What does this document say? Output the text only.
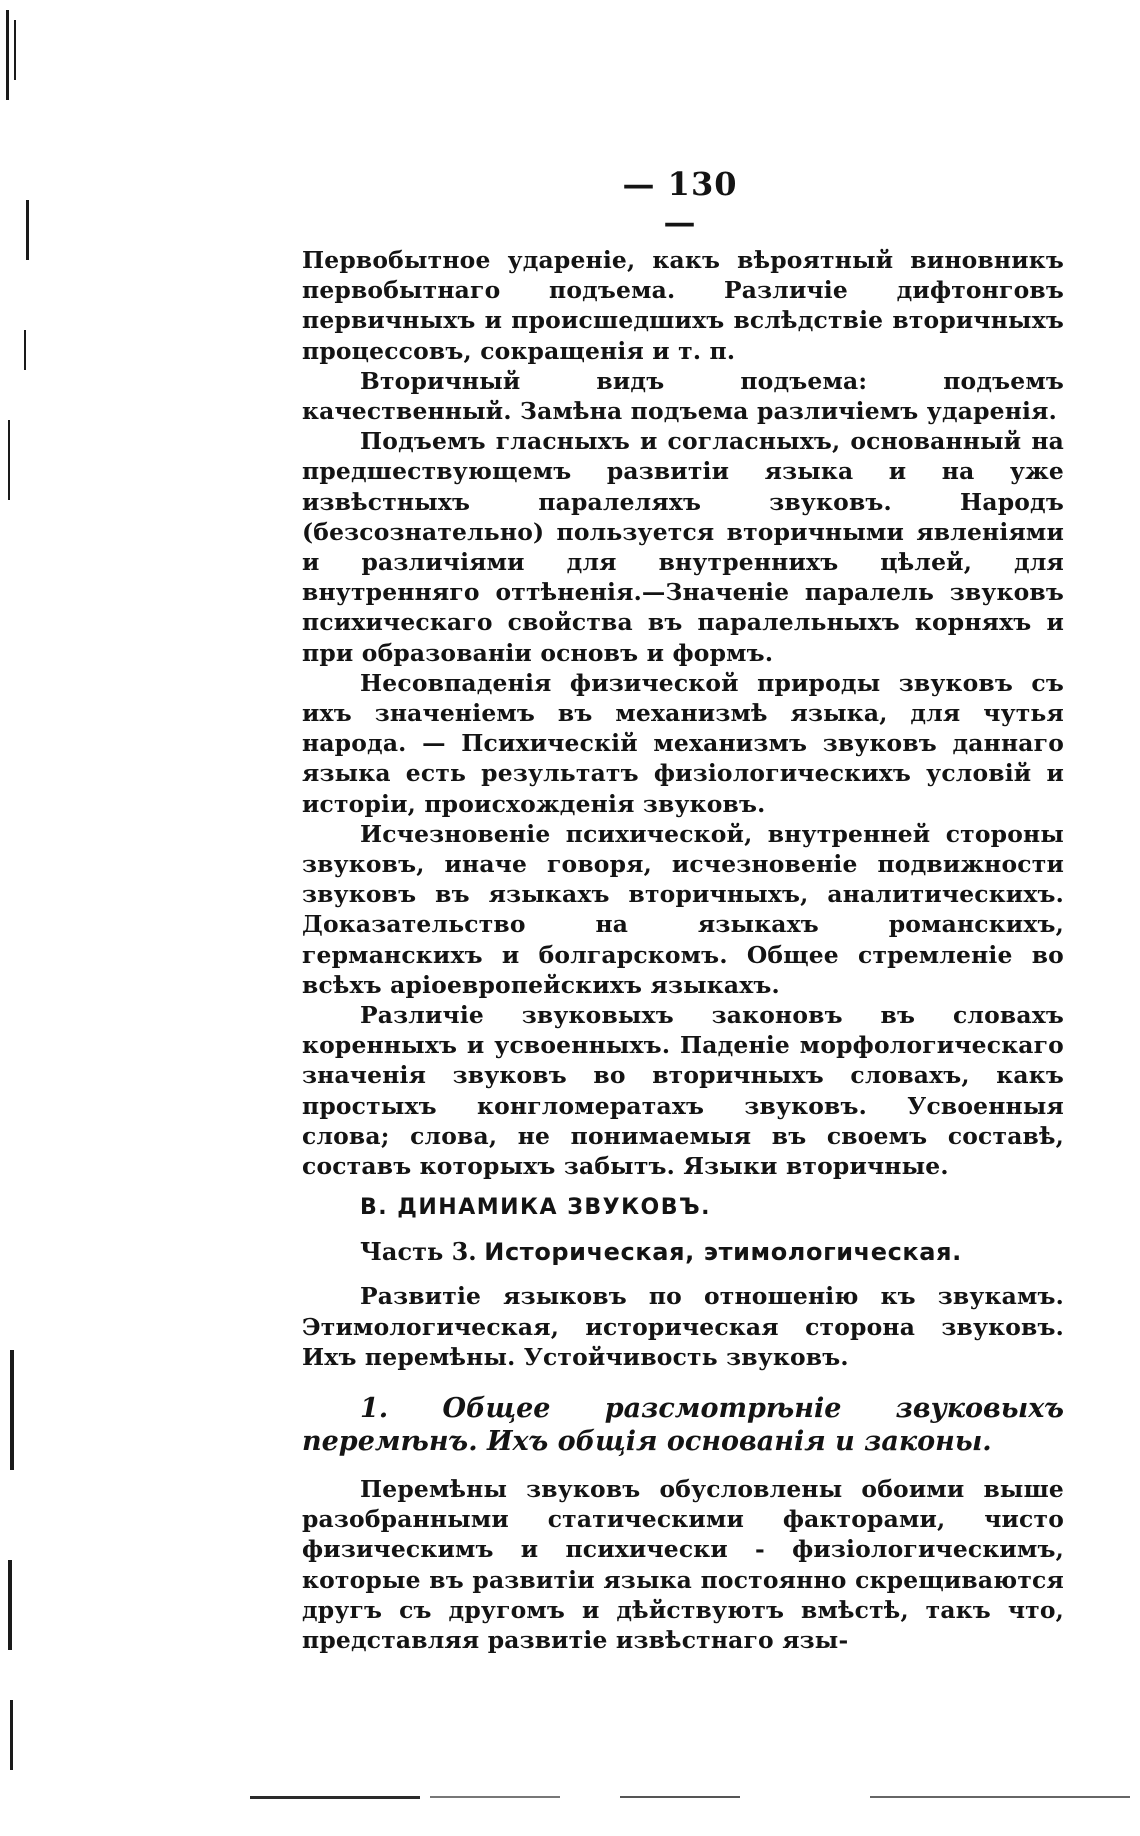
— 130 —

Первобытное ударенiе, какъ вѣроятный виновникъ первобытнаго подъема. Различiе дифтонговъ первичныхъ и происшедшихъ вслѣдствiе вторичныхъ процессовъ, сокращенiя и т. п.

Вторичный видъ подъема: подъемъ качественный. Замѣна подъема различiемъ ударенiя.

Подъемъ гласныхъ и согласныхъ, основанный на предшествующемъ развитiи языка и на уже извѣстныхъ паралеляхъ звуковъ. Народъ (безсознательно) пользуется вторичными явленiями и различiями для внутреннихъ цѣлей, для внутренняго оттѣненiя.—Значенiе паралель звуковъ психическаго свойства въ паралельныхъ корняхъ и при образованiи основъ и формъ.

Несовпаденiя физической природы звуковъ съ ихъ значенiемъ въ механизмѣ языка, для чутья народа. — Психическiй механизмъ звуковъ даннаго языка есть результатъ физiологическихъ условiй и исторiи, происхожденiя звуковъ.

Исчезновенiе психической, внутренней стороны звуковъ, иначе говоря, исчезновенiе подвижности звуковъ въ языкахъ вторичныхъ, аналитическихъ. Доказательство на языкахъ романскихъ, германскихъ и болгарскомъ. Общее стремленiе во всѣхъ арiоевропейскихъ языкахъ.

Различiе звуковыхъ законовъ въ словахъ коренныхъ и усвоенныхъ. Паденiе морфологическаго значенiя звуковъ во вторичныхъ словахъ, какъ простыхъ конгломератахъ звуковъ. Усвоенныя слова; слова, не понимаемыя въ своемъ составѣ, составъ которыхъ забытъ. Языки вторичные.

B. ДИНАМИКА ЗВУКОВЪ.
Часть 3. Историческая, этимологическая.

Развитiе языковъ по отношенiю къ звукамъ. Этимологическая, историческая сторона звуковъ. Ихъ перемѣны. Устойчивость звуковъ.

1. Общее разсмотрѣнiе звуковыхъ перемѣнъ. Ихъ общiя основанiя и законы.

Перемѣны звуковъ обусловлены обоими выше разобранными статическими факторами, чисто физическимъ и психически - физiологическимъ, которые въ развитiи языка постоянно скрещиваются другъ съ другомъ и дѣйствуютъ вмѣстѣ, такъ что, представляя развитiе извѣстнаго язы-
